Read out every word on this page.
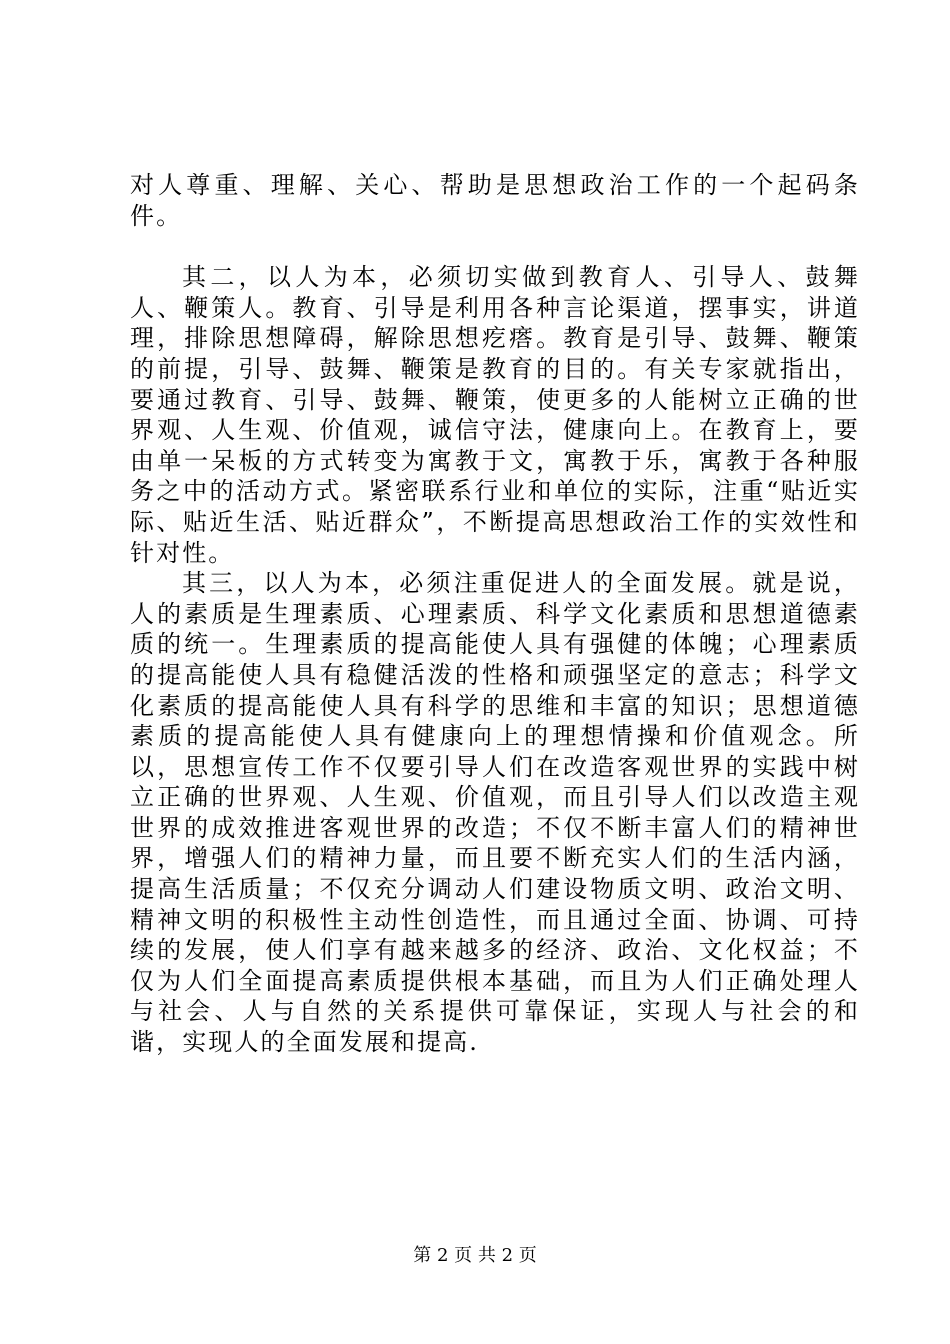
对人尊重、理解、关心、帮助是思想政治工作的一个起码条件。

其二，以人为本，必须切实做到教育人、引导人、鼓舞人、鞭策人。教育、引导是利用各种言论渠道，摆事实，讲道理，排除思想障碍，解除思想疙瘩。教育是引导、鼓舞、鞭策的前提，引导、鼓舞、鞭策是教育的目的。有关专家就指出，要通过教育、引导、鼓舞、鞭策，使更多的人能树立正确的世界观、人生观、价值观，诚信守法，健康向上。在教育上，要由单一呆板的方式转变为寓教于文，寓教于乐，寓教于各种服务之中的活动方式。紧密联系行业和单位的实际，注重“贴近实际、贴近生活、贴近群众”，不断提高思想政治工作的实效性和针对性。

其三，以人为本，必须注重促进人的全面发展。就是说，人的素质是生理素质、心理素质、科学文化素质和思想道德素质的统一。生理素质的提高能使人具有强健的体魄；心理素质的提高能使人具有稳健活泼的性格和顽强坚定的意志；科学文化素质的提高能使人具有科学的思维和丰富的知识；思想道德素质的提高能使人具有健康向上的理想情操和价值观念。所以，思想宣传工作不仅要引导人们在改造客观世界的实践中树立正确的世界观、人生观、价值观，而且引导人们以改造主观世界的成效推进客观世界的改造；不仅不断丰富人们的精神世界，增强人们的精神力量，而且要不断充实人们的生活内涵，提高生活质量；不仅充分调动人们建设物质文明、政治文明、精神文明的积极性主动性创造性，而且通过全面、协调、可持续的发展，使人们享有越来越多的经济、政治、文化权益；不仅为人们全面提高素质提供根本基础，而且为人们正确处理人与社会、人与自然的关系提供可靠保证，实现人与社会的和谐，实现人的全面发展和提高.

第 2 页 共 2 页
